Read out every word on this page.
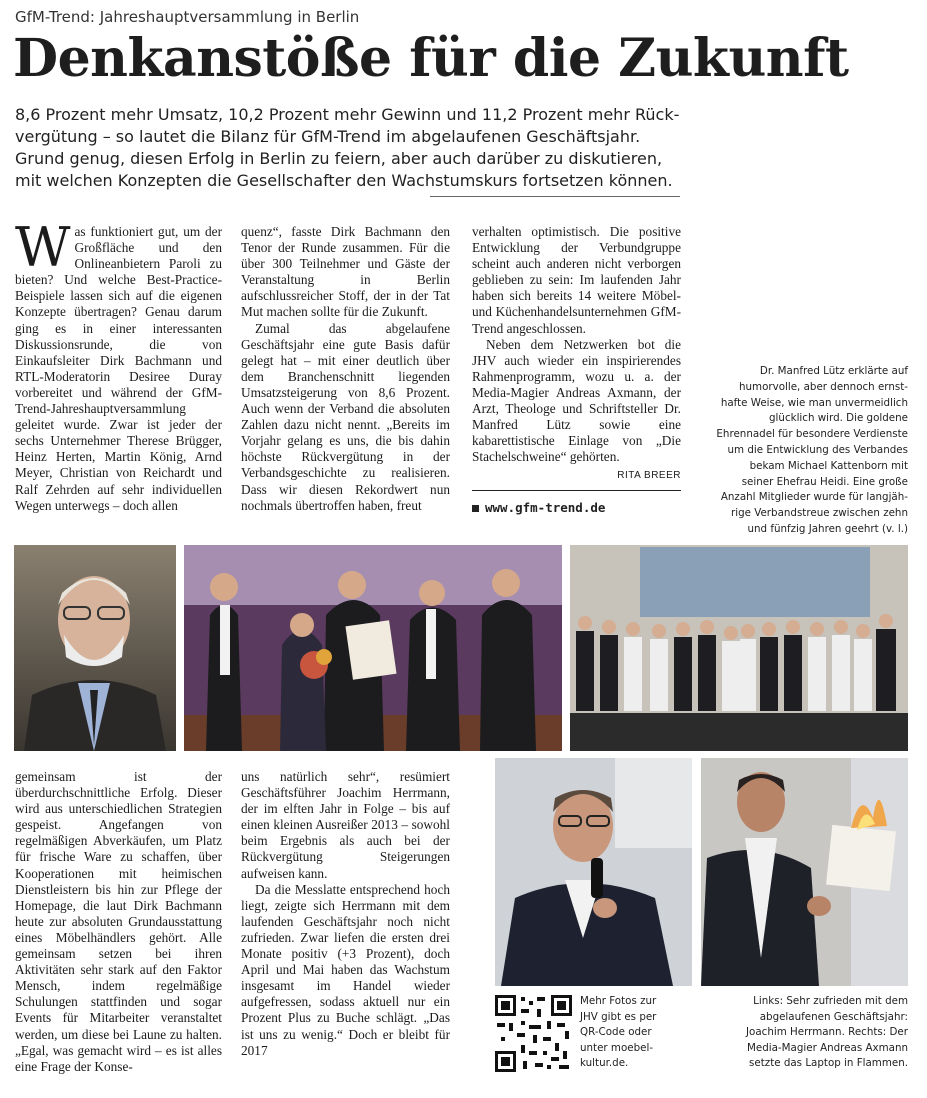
GfM-Trend: Jahreshauptversammlung in Berlin
Denkanstöße für die Zukunft
8,6 Prozent mehr Umsatz, 10,2 Prozent mehr Gewinn und 11,2 Prozent mehr Rück-
vergütung – so lautet die Bilanz für GfM-Trend im abgelaufenen Geschäftsjahr.
Grund genug, diesen Erfolg in Berlin zu feiern, aber auch darüber zu diskutieren,
mit welchen Konzepten die Gesellschafter den Wachstumskurs fortsetzen können.

Was funktioniert gut, um der Großfläche und den Onlineanbietern Paroli zu bieten? Und welche Best-Practice-Beispiele lassen sich auf die eigenen Konzepte übertragen? Genau darum ging es in einer interessanten Diskussionsrunde, die von Einkaufsleiter Dirk Bachmann und RTL-Moderatorin Desiree Duray vorbereitet und während der GfM-Trend-Jahreshauptversammlung geleitet wurde. Zwar ist jeder der sechs Unternehmer Therese Brügger, Heinz Herten, Martin König, Arnd Meyer, Christian von Reichardt und Ralf Zehrden auf sehr individuellen Wegen unterwegs – doch allen

quenz“, fasste Dirk Bachmann den Tenor der Runde zusammen. Für die über 300 Teilnehmer und Gäste der Veranstaltung in Berlin aufschlussreicher Stoff, der in der Tat Mut machen sollte für die Zukunft.

Zumal das abgelaufene Geschäftsjahr eine gute Basis dafür gelegt hat – mit einer deutlich über dem Branchenschnitt liegenden Umsatzsteigerung von 8,6 Prozent. Auch wenn der Verband die absoluten Zahlen dazu nicht nennt. „Bereits im Vorjahr gelang es uns, die bis dahin höchste Rückvergütung in der Verbandsgeschichte zu realisieren. Dass wir diesen Rekordwert nun nochmals übertroffen haben, freut

verhalten optimistisch. Die positive Entwicklung der Verbundgruppe scheint auch anderen nicht verborgen geblieben zu sein: Im laufenden Jahr haben sich bereits 14 weitere Möbel- und Küchenhandelsunternehmen GfM-Trend angeschlossen.

Neben dem Netzwerken bot die JHV auch wieder ein inspirierendes Rahmenprogramm, wozu u. a. der Media-Magier Andreas Axmann, der Arzt, Theologe und Schriftsteller Dr. Manfred Lütz sowie eine kabarettistische Einlage von „Die Stachelschweine“ gehörten.

RITA BREER
www.gfm-trend.de
Dr. Manfred Lütz erklärte auf
humorvolle, aber dennoch ernst-
hafte Weise, wie man unvermeidlich
glücklich wird. Die goldene
Ehrennadel für besondere Verdienste
um die Entwicklung des Verbandes
bekam Michael Kattenborn mit
seiner Ehefrau Heidi. Eine große
Anzahl Mitglieder wurde für langjäh-
rige Verbandstreue zwischen zehn
und fünfzig Jahren geehrt (v. l.)

gemeinsam ist der überdurchschnittliche Erfolg. Dieser wird aus unterschiedlichen Strategien gespeist. Angefangen von regelmäßigen Abverkäufen, um Platz für frische Ware zu schaffen, über Kooperationen mit heimischen Dienstleistern bis hin zur Pflege der Homepage, die laut Dirk Bachmann heute zur absoluten Grundausstattung eines Möbelhändlers gehört. Alle gemeinsam setzen bei ihren Aktivitäten sehr stark auf den Faktor Mensch, indem regelmäßige Schulungen stattfinden und sogar Events für Mitarbeiter veranstaltet werden, um diese bei Laune zu halten. „Egal, was gemacht wird – es ist alles eine Frage der Konse-

uns natürlich sehr“, resümiert Geschäftsführer Joachim Herrmann, der im elften Jahr in Folge – bis auf einen kleinen Ausreißer 2013 – sowohl beim Ergebnis als auch bei der Rückvergütung Steigerungen aufweisen kann.

Da die Messlatte entsprechend hoch liegt, zeigte sich Herrmann mit dem laufenden Geschäftsjahr noch nicht zufrieden. Zwar liefen die ersten drei Monate positiv (+3 Prozent), doch April und Mai haben das Wachstum insgesamt im Handel wieder aufgefressen, sodass aktuell nur ein Prozent Plus zu Buche schlägt. „Das ist uns zu wenig.“ Doch er bleibt für 2017

Mehr Fotos zur
JHV gibt es per
QR-Code oder
unter moebel-
kultur.de.
Links: Sehr zufrieden mit dem
abgelaufenen Geschäftsjahr:
Joachim Herrmann. Rechts: Der
Media-Magier Andreas Axmann
setzte das Laptop in Flammen.
